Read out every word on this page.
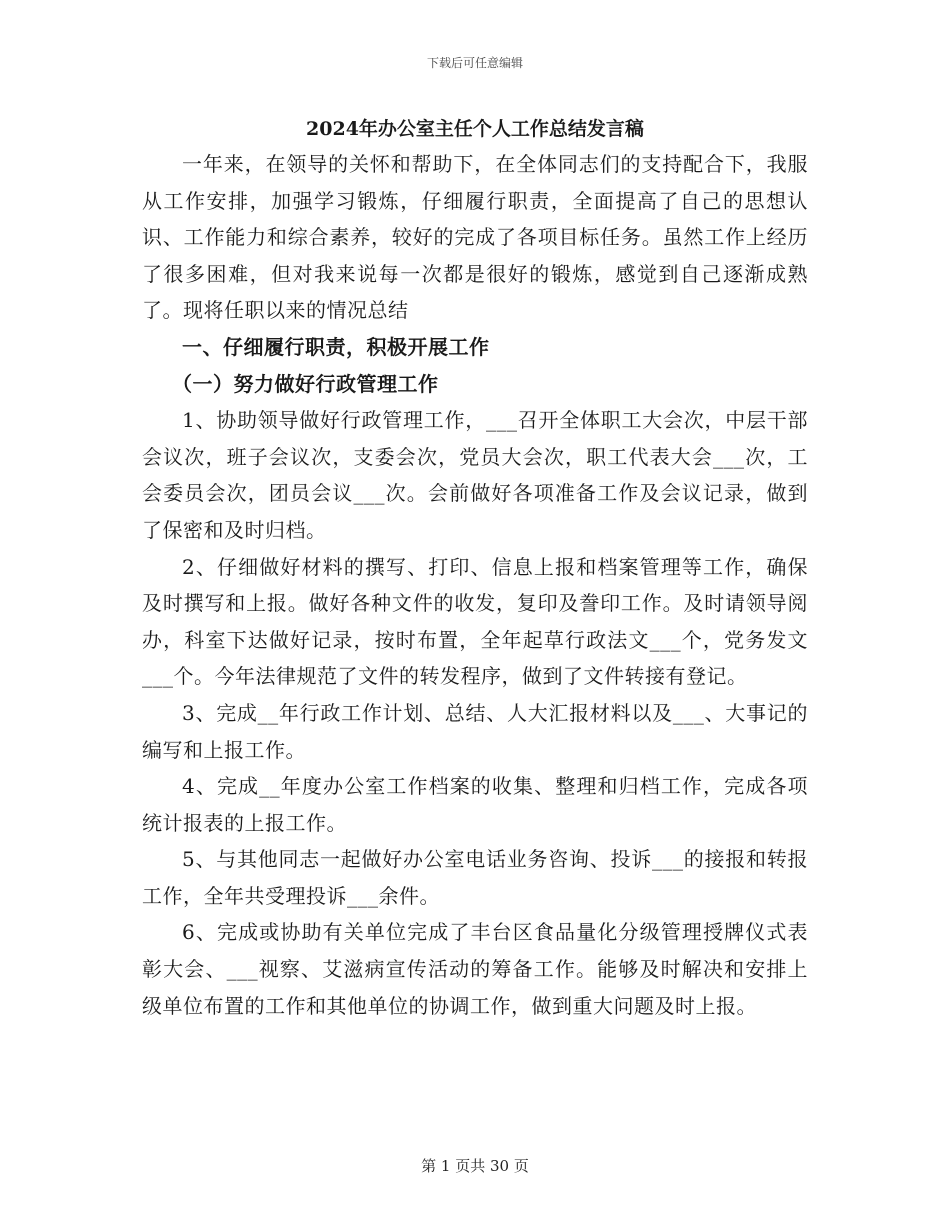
下载后可任意编辑
2024年办公室主任个人工作总结发言稿

一年来，在领导的关怀和帮助下，在全体同志们的支持配合下，我服从工作安排，加强学习锻炼，仔细履行职责，全面提高了自己的思想认识、工作能力和综合素养，较好的完成了各项目标任务。虽然工作上经历了很多困难，但对我来说每一次都是很好的锻炼，感觉到自己逐渐成熟了。现将任职以来的情况总结

一、仔细履行职责，积极开展工作

（一）努力做好行政管理工作

1、协助领导做好行政管理工作，___召开全体职工大会次，中层干部会议次，班子会议次，支委会次，党员大会次，职工代表大会___次，工会委员会次，团员会议___次。会前做好各项准备工作及会议记录，做到了保密和及时归档。

2、仔细做好材料的撰写、打印、信息上报和档案管理等工作，确保及时撰写和上报。做好各种文件的收发，复印及誊印工作。及时请领导阅办，科室下达做好记录，按时布置，全年起草行政法文___个，党务发文___个。今年法律规范了文件的转发程序，做到了文件转接有登记。

3、完成__年行政工作计划、总结、人大汇报材料以及___、大事记的编写和上报工作。

4、完成__年度办公室工作档案的收集、整理和归档工作，完成各项统计报表的上报工作。

5、与其他同志一起做好办公室电话业务咨询、投诉___的接报和转报工作，全年共受理投诉___余件。

6、完成或协助有关单位完成了丰台区食品量化分级管理授牌仪式表彰大会、___视察、艾滋病宣传活动的筹备工作。能够及时解决和安排上级单位布置的工作和其他单位的协调工作，做到重大问题及时上报。

第 1 页共 30 页
